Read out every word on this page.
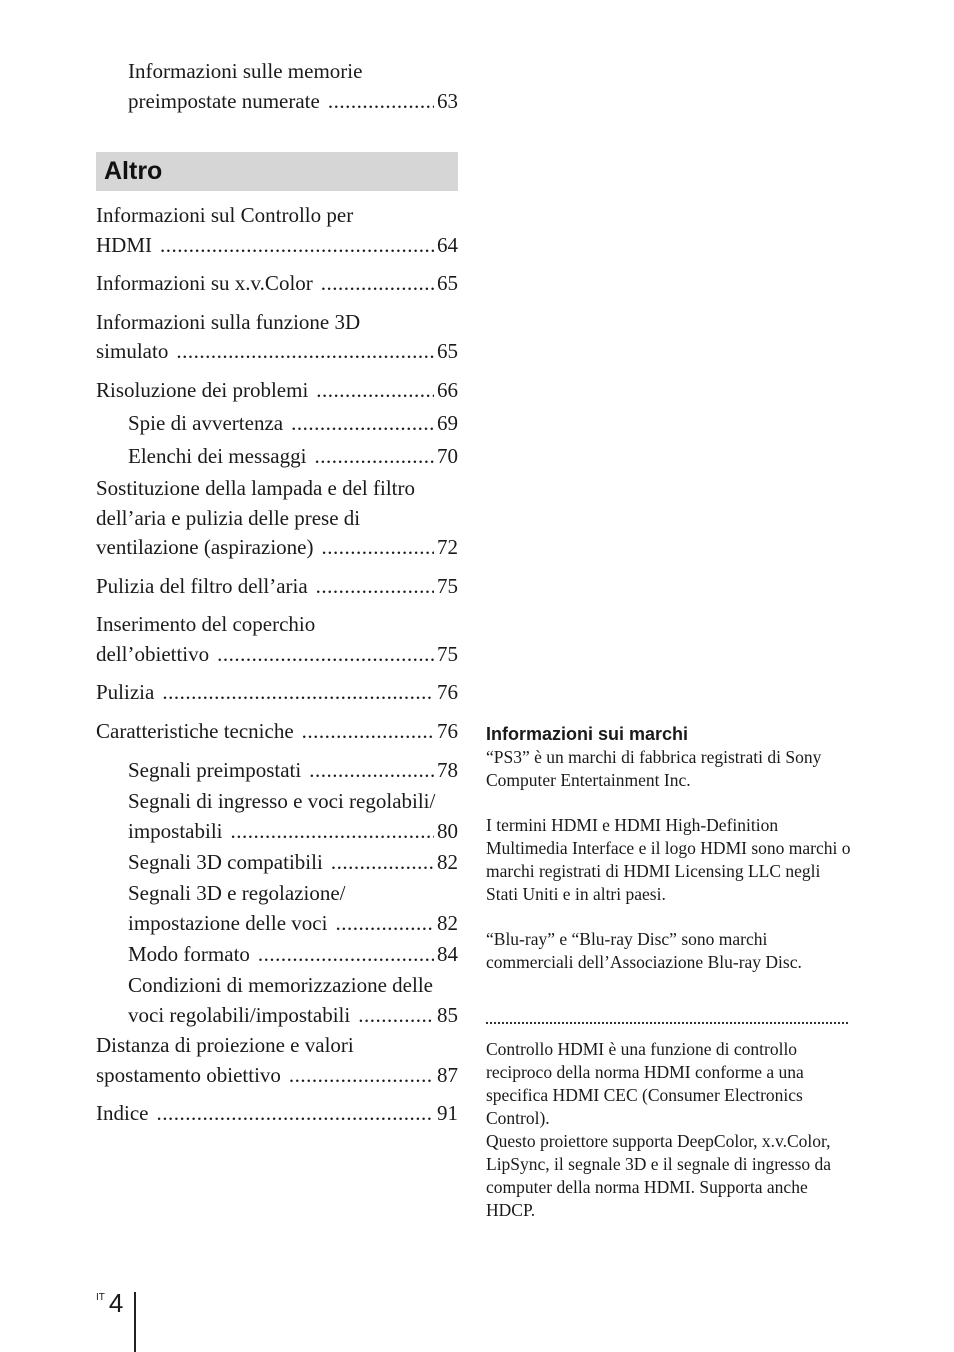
Informazioni sulle memorie
preimpostate numerate .....	63
Altro
Informazioni sul Controllo per
HDMI .....	64
Informazioni su x.v.Color .....	65
Informazioni sulla funzione 3D
simulato .....	65
Risoluzione dei problemi .....	66
Spie di avvertenza .....	69
Elenchi dei messaggi .....	70
Sostituzione della lampada e del filtro
dell’aria e pulizia delle prese di
ventilazione (aspirazione) .....	72
Pulizia del filtro dell’aria .....	75
Inserimento del coperchio
dell’obiettivo .....	75
Pulizia .....	76
Caratteristiche tecniche .....	76
Segnali preimpostati .....	78
Segnali di ingresso e voci regolabili/
impostabili .....	80
Segnali 3D compatibili .....	82
Segnali 3D e regolazione/
impostazione delle voci .....	82
Modo formato .....	84
Condizioni di memorizzazione delle
voci regolabili/impostabili .....	85
Distanza di proiezione e valori
spostamento obiettivo .....	87
Indice .....	91
Informazioni sui marchi

“PS3” è un marchi di fabbrica registrati di Sony Computer Entertainment Inc.

I termini HDMI e HDMI High-Definition Multimedia Interface e il logo HDMI sono marchi o marchi registrati di HDMI Licensing LLC negli Stati Uniti e in altri paesi.

“Blu-ray” e “Blu-ray Disc” sono marchi commerciali dell’Associazione Blu-ray Disc.

Controllo HDMI è una funzione di controllo reciproco della norma HDMI conforme a una specifica HDMI CEC (Consumer Electronics Control).

Questo proiettore supporta DeepColor, x.v.Color, LipSync, il segnale 3D e il segnale di ingresso da computer della norma HDMI. Supporta anche HDCP.

$^{IT}$ 4
